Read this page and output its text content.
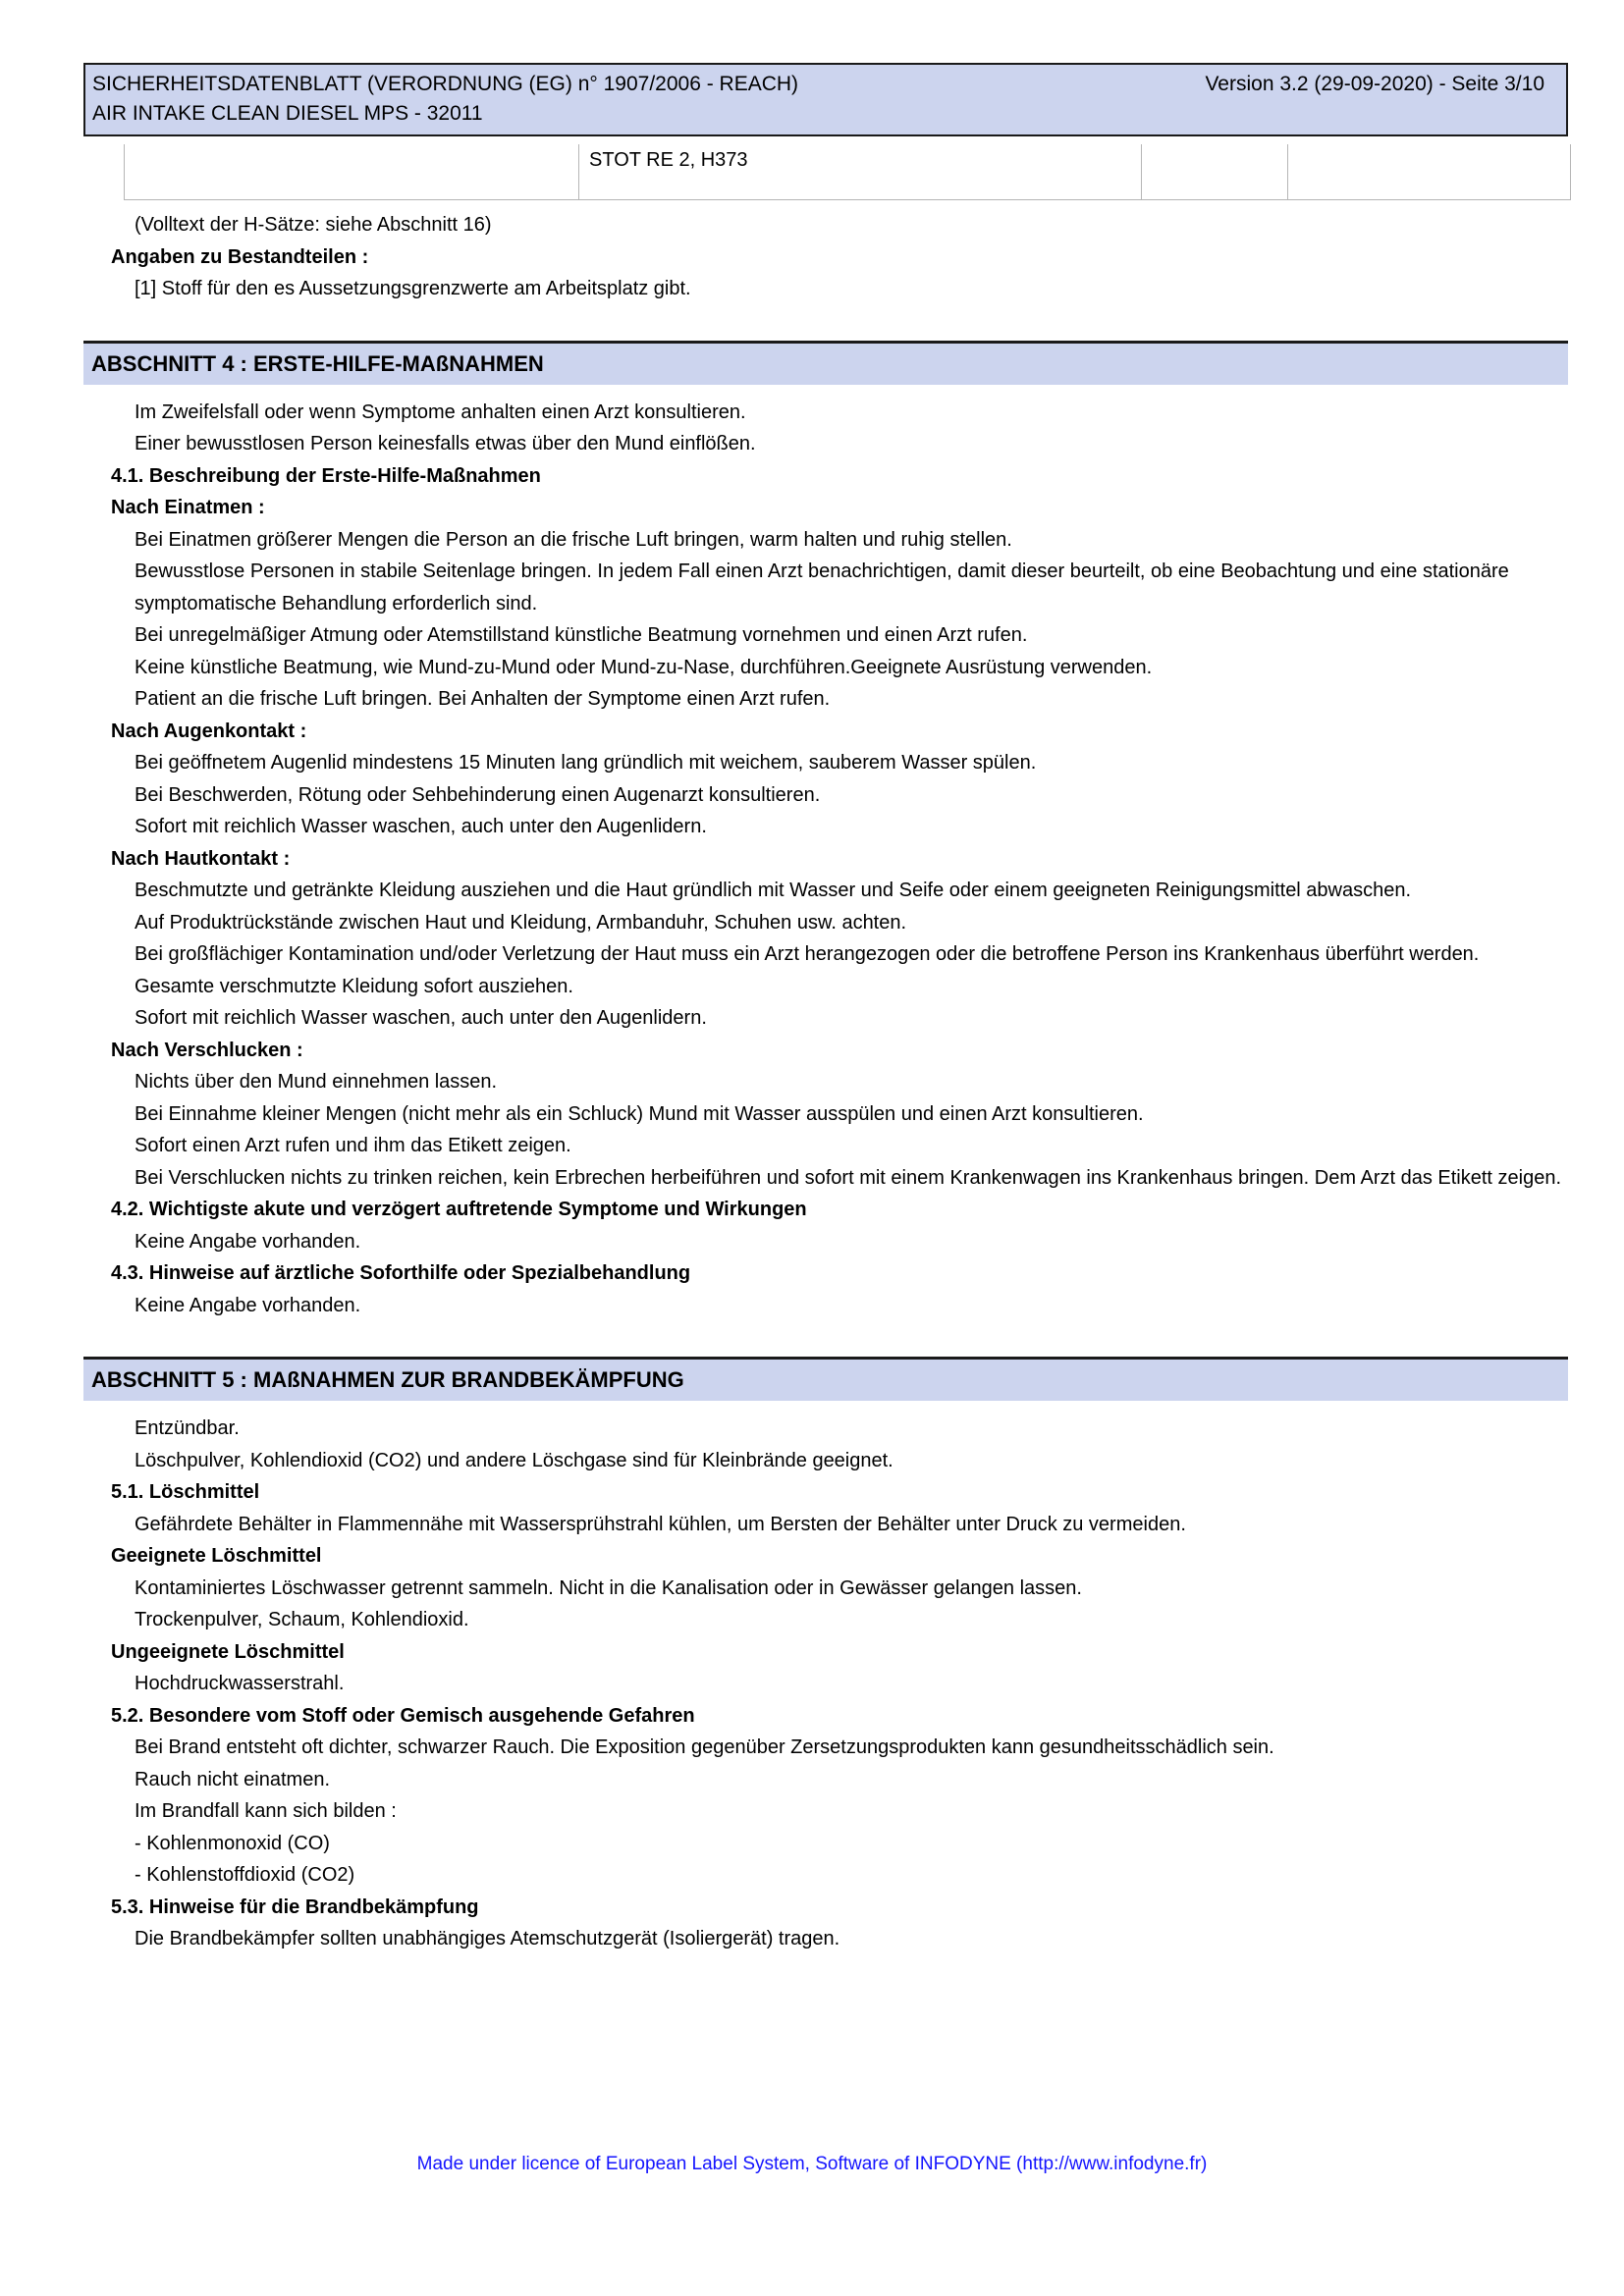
SICHERHEITSDATENBLATT (VERORDNUNG (EG) n° 1907/2006 - REACH)	Version 3.2 (29-09-2020) - Seite 3/10
AIR INTAKE CLEAN DIESEL MPS - 32011
STOT RE 2, H373
(Volltext der H-Sätze: siehe Abschnitt 16)
Angaben zu Bestandteilen :
[1] Stoff für den es Aussetzungsgrenzwerte am Arbeitsplatz gibt.
ABSCHNITT 4 : ERSTE-HILFE-MAßNAHMEN
Im Zweifelsfall oder wenn Symptome anhalten einen Arzt konsultieren.
Einer bewusstlosen Person keinesfalls etwas über den Mund einflößen.
4.1. Beschreibung der Erste-Hilfe-Maßnahmen
Nach Einatmen :
Bei Einatmen größerer Mengen die Person an die frische Luft bringen, warm halten und ruhig stellen.
Bewusstlose Personen in stabile Seitenlage bringen. In jedem Fall einen Arzt benachrichtigen, damit dieser beurteilt, ob eine Beobachtung und eine stationäre symptomatische Behandlung erforderlich sind.
Bei unregelmäßiger Atmung oder Atemstillstand künstliche Beatmung vornehmen und einen Arzt rufen.
Keine künstliche Beatmung, wie Mund-zu-Mund oder Mund-zu-Nase, durchführen.Geeignete Ausrüstung verwenden.
Patient an die frische Luft bringen. Bei Anhalten der Symptome einen Arzt rufen.
Nach Augenkontakt :
Bei geöffnetem Augenlid mindestens 15 Minuten lang gründlich mit weichem, sauberem Wasser spülen.
Bei Beschwerden, Rötung oder Sehbehinderung einen Augenarzt konsultieren.
Sofort mit reichlich Wasser waschen, auch unter den Augenlidern.
Nach Hautkontakt :
Beschmutzte und getränkte Kleidung ausziehen und die Haut gründlich mit Wasser und Seife oder einem geeigneten Reinigungsmittel abwaschen.
Auf Produktrückstände zwischen Haut und Kleidung, Armbanduhr, Schuhen usw. achten.
Bei großflächiger Kontamination und/oder Verletzung der Haut muss ein Arzt herangezogen oder die betroffene Person ins Krankenhaus überführt werden.
Gesamte verschmutzte Kleidung sofort ausziehen.
Sofort mit reichlich Wasser waschen, auch unter den Augenlidern.
Nach Verschlucken :
Nichts über den Mund einnehmen lassen.
Bei Einnahme kleiner Mengen (nicht mehr als ein Schluck) Mund mit Wasser ausspülen und einen Arzt konsultieren.
Sofort einen Arzt rufen und ihm das Etikett zeigen.
Bei Verschlucken nichts zu trinken reichen, kein Erbrechen herbeiführen und sofort mit einem Krankenwagen ins Krankenhaus bringen. Dem Arzt das Etikett zeigen.
4.2. Wichtigste akute und verzögert auftretende Symptome und Wirkungen
Keine Angabe vorhanden.
4.3. Hinweise auf ärztliche Soforthilfe oder Spezialbehandlung
Keine Angabe vorhanden.
ABSCHNITT 5 : MAßNAHMEN ZUR BRANDBEKÄMPFUNG
Entzündbar.
Löschpulver, Kohlendioxid (CO2) und andere Löschgase sind für Kleinbrände geeignet.
5.1. Löschmittel
Gefährdete Behälter in Flammennähe mit Wassersprühstrahl kühlen, um Bersten der Behälter unter Druck zu vermeiden.
Geeignete Löschmittel
Kontaminiertes Löschwasser getrennt sammeln. Nicht in die Kanalisation oder in Gewässer gelangen lassen.
Trockenpulver, Schaum, Kohlendioxid.
Ungeeignete Löschmittel
Hochdruckwasserstrahl.
5.2. Besondere vom Stoff oder Gemisch ausgehende Gefahren
Bei Brand entsteht oft dichter, schwarzer Rauch. Die Exposition gegenüber Zersetzungsprodukten kann gesundheitsschädlich sein.
Rauch nicht einatmen.
Im Brandfall kann sich bilden :
- Kohlenmonoxid (CO)
- Kohlenstoffdioxid (CO2)
5.3. Hinweise für die Brandbekämpfung
Die Brandbekämpfer sollten unabhängiges Atemschutzgerät (Isoliergerät) tragen.
Made under licence of European Label System, Software of INFODYNE (http://www.infodyne.fr)
